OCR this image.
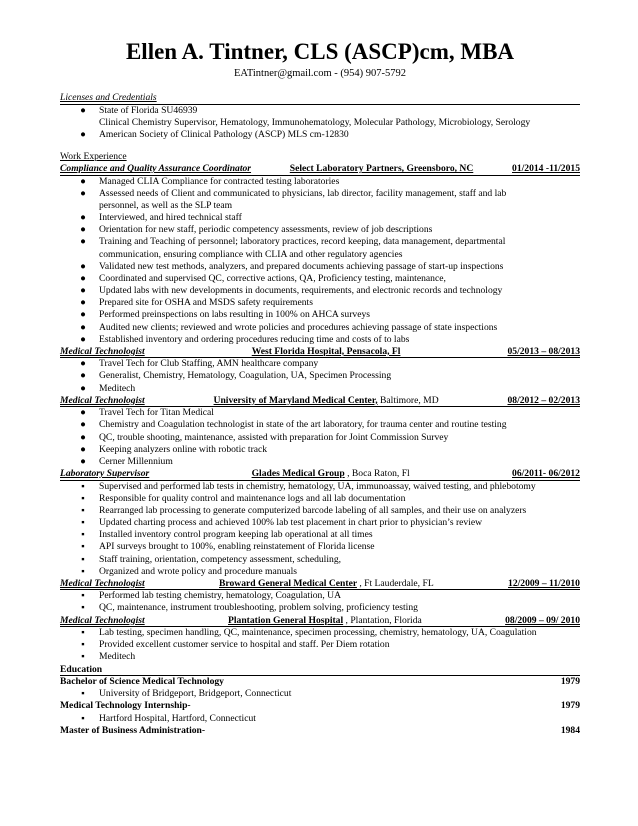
Ellen A. Tintner, CLS (ASCP)cm, MBA
EATintner@gmail.com - (954) 907-5792
Licenses and Credentials
● State of Florida SU46939
Clinical Chemistry Supervisor, Hematology, Immunohematology, Molecular Pathology, Microbiology, Serology
● American Society of Clinical Pathology (ASCP) MLS cm-12830
Work Experience
Compliance and Quality Assurance Coordinator	Select Laboratory Partners, Greensboro, NC	01/2014 -11/2015
● Managed CLIA Compliance for contracted testing laboratories
● Assessed needs of Client and communicated to physicians, lab director, facility management, staff and lab
personnel, as well as the SLP team
● Interviewed, and hired technical staff
● Orientation for new staff, periodic competency assessments, review of job descriptions
● Training and Teaching of personnel; laboratory practices, record keeping, data management, departmental
communication, ensuring compliance with CLIA and other regulatory agencies
● Validated new test methods, analyzers, and prepared documents achieving passage of start-up inspections
● Coordinated and supervised QC, corrective actions, QA, Proficiency testing, maintenance,
● Updated labs with new developments in documents, requirements, and electronic records and technology
● Prepared site for OSHA and MSDS safety requirements
● Performed preinspections on labs resulting in 100% on AHCA surveys
● Audited new clients; reviewed and wrote policies and procedures achieving passage of state inspections
● Established inventory and ordering procedures reducing time and costs of to labs
Medical Technologist	West Florida Hospital, Pensacola, Fl	05/2013 – 08/2013
● Travel Tech for Club Staffing, AMN healthcare company
● Generalist, Chemistry, Hematology, Coagulation, UA, Specimen Processing
● Meditech
Medical Technologist	University of Maryland Medical Center, Baltimore, MD	08/2012 – 02/2013
● Travel Tech for Titan Medical
● Chemistry and Coagulation technologist in state of the art laboratory, for trauma center and routine testing
● QC, trouble shooting, maintenance, assisted with preparation for Joint Commission Survey
● Keeping analyzers online with robotic track
● Cerner Millennium
Laboratory Supervisor	Glades Medical Group , Boca Raton, Fl	06/2011- 06/2012
▪	Supervised and performed lab tests in chemistry, hematology, UA, immunoassay, waived testing, and phlebotomy
▪	Responsible for quality control and maintenance logs and all lab documentation
▪	Rearranged lab processing to generate computerized barcode labeling of all samples, and their use on analyzers
▪	Updated charting process and achieved 100% lab test placement in chart prior to physician’s review
▪	Installed inventory control program keeping lab operational at all times
▪	API surveys brought to 100%, enabling reinstatement of Florida license
▪	Staff training, orientation, competency assessment, scheduling,
▪	Organized and wrote policy and procedure manuals
Medical Technologist	Broward General Medical Center , Ft Lauderdale, FL	12/2009 – 11/2010
▪	Performed lab testing chemistry, hematology, Coagulation, UA
▪	QC, maintenance, instrument troubleshooting, problem solving, proficiency testing
Medical Technologist	Plantation General Hospital , Plantation, Florida	08/2009 – 09/ 2010
▪	Lab testing, specimen handling, QC, maintenance, specimen processing, chemistry, hematology, UA, Coagulation
▪	Provided excellent customer service to hospital and staff. Per Diem rotation
▪	Meditech
Education
Bachelor of Science Medical Technology	1979
▪	University of Bridgeport, Bridgeport, Connecticut
Medical Technology Internship-	1979
▪	Hartford Hospital, Hartford, Connecticut
Master of Business Administration-	1984
